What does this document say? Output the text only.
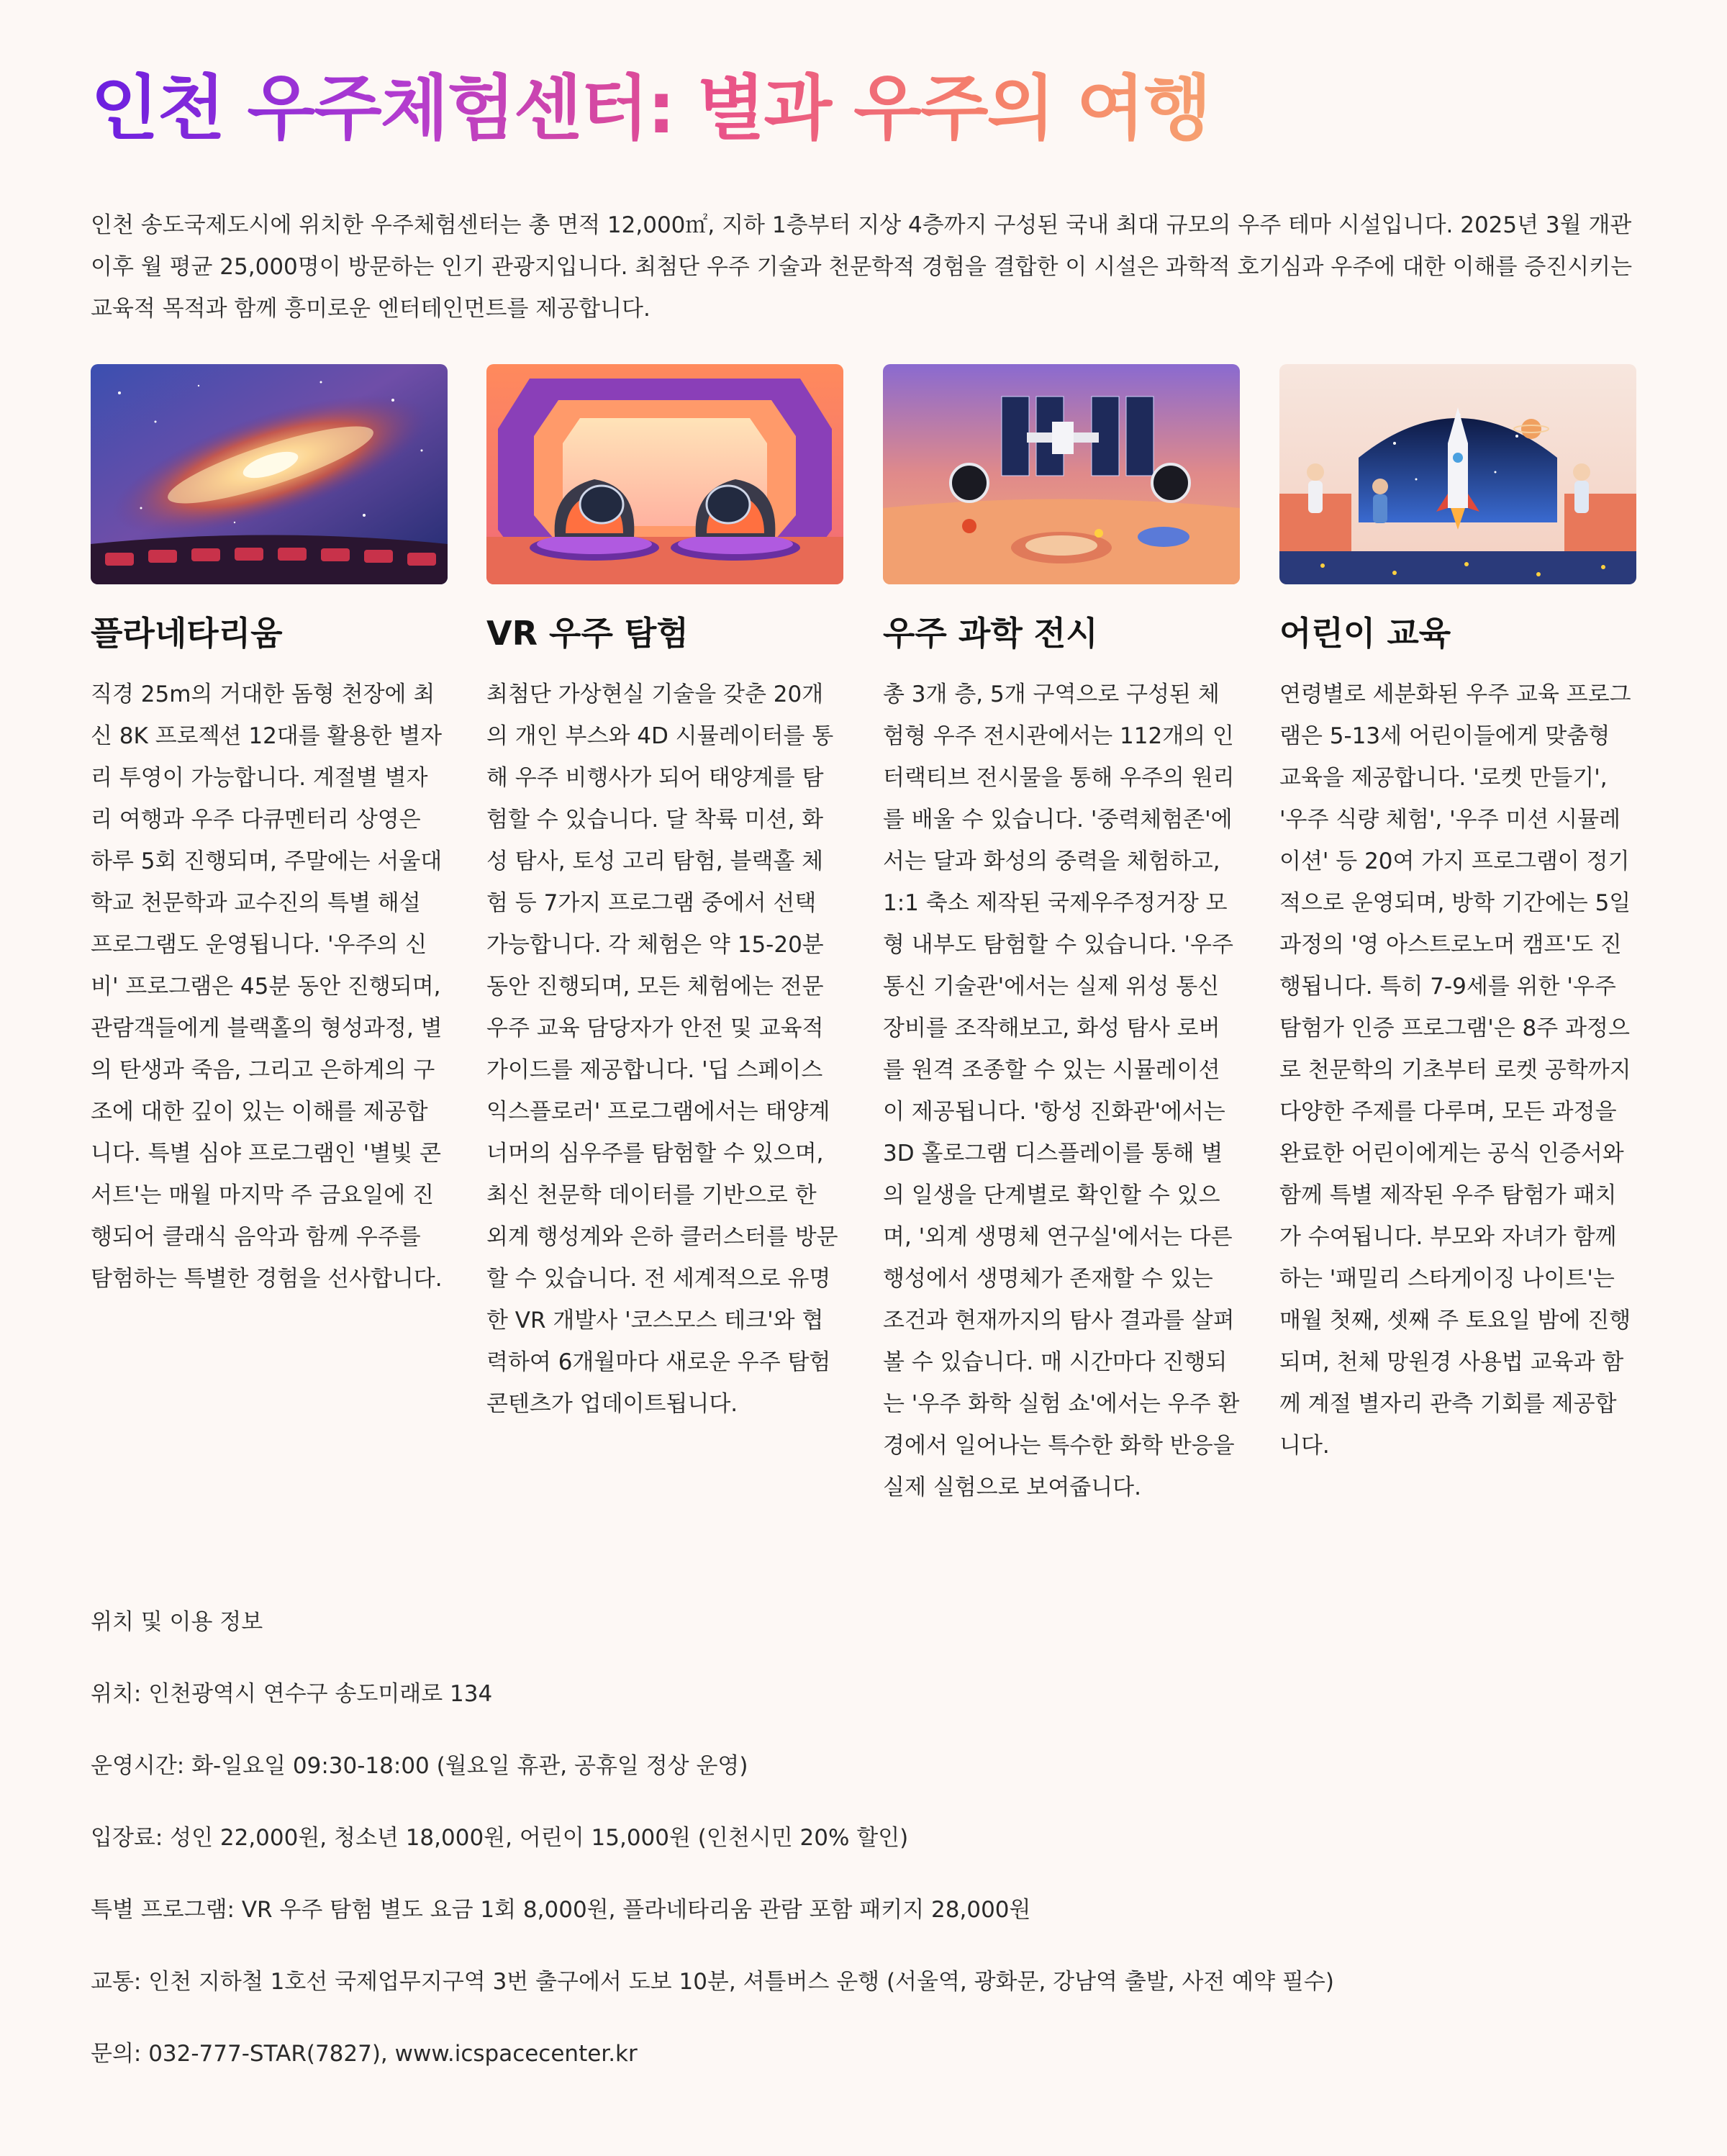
인천 우주체험센터: 별과 우주의 여행

인천 송도국제도시에 위치한 우주체험센터는 총 면적 12,000㎡, 지하 1층부터 지상 4층까지 구성된 국내 최대 규모의 우주 테마 시설입니다. 2025년 3월 개관 이후 월 평균 25,000명이 방문하는 인기 관광지입니다. 최첨단 우주 기술과 천문학적 경험을 결합한 이 시설은 과학적 호기심과 우주에 대한 이해를 증진시키는 교육적 목적과 함께 흥미로운 엔터테인먼트를 제공합니다.

플라네타리움

직경 25m의 거대한 돔형 천장에 최신 8K 프로젝션 12대를 활용한 별자리 투영이 가능합니다. 계절별 별자리 여행과 우주 다큐멘터리 상영은 하루 5회 진행되며, 주말에는 서울대학교 천문학과 교수진의 특별 해설 프로그램도 운영됩니다. '우주의 신비' 프로그램은 45분 동안 진행되며, 관람객들에게 블랙홀의 형성과정, 별의 탄생과 죽음, 그리고 은하계의 구조에 대한 깊이 있는 이해를 제공합니다. 특별 심야 프로그램인 '별빛 콘서트'는 매월 마지막 주 금요일에 진행되어 클래식 음악과 함께 우주를 탐험하는 특별한 경험을 선사합니다.

VR 우주 탐험

최첨단 가상현실 기술을 갖춘 20개의 개인 부스와 4D 시뮬레이터를 통해 우주 비행사가 되어 태양계를 탐험할 수 있습니다. 달 착륙 미션, 화성 탐사, 토성 고리 탐험, 블랙홀 체험 등 7가지 프로그램 중에서 선택 가능합니다. 각 체험은 약 15-20분 동안 진행되며, 모든 체험에는 전문 우주 교육 담당자가 안전 및 교육적 가이드를 제공합니다. '딥 스페이스 익스플로러' 프로그램에서는 태양계 너머의 심우주를 탐험할 수 있으며, 최신 천문학 데이터를 기반으로 한 외계 행성계와 은하 클러스터를 방문할 수 있습니다. 전 세계적으로 유명한 VR 개발사 '코스모스 테크'와 협력하여 6개월마다 새로운 우주 탐험 콘텐츠가 업데이트됩니다.

우주 과학 전시

총 3개 층, 5개 구역으로 구성된 체험형 우주 전시관에서는 112개의 인터랙티브 전시물을 통해 우주의 원리를 배울 수 있습니다. '중력체험존'에서는 달과 화성의 중력을 체험하고, 1:1 축소 제작된 국제우주정거장 모형 내부도 탐험할 수 있습니다. '우주 통신 기술관'에서는 실제 위성 통신 장비를 조작해보고, 화성 탐사 로버를 원격 조종할 수 있는 시뮬레이션이 제공됩니다. '항성 진화관'에서는 3D 홀로그램 디스플레이를 통해 별의 일생을 단계별로 확인할 수 있으며, '외계 생명체 연구실'에서는 다른 행성에서 생명체가 존재할 수 있는 조건과 현재까지의 탐사 결과를 살펴볼 수 있습니다. 매 시간마다 진행되는 '우주 화학 실험 쇼'에서는 우주 환경에서 일어나는 특수한 화학 반응을 실제 실험으로 보여줍니다.

어린이 교육

연령별로 세분화된 우주 교육 프로그램은 5-13세 어린이들에게 맞춤형 교육을 제공합니다. '로켓 만들기', '우주 식량 체험', '우주 미션 시뮬레이션' 등 20여 가지 프로그램이 정기적으로 운영되며, 방학 기간에는 5일 과정의 '영 아스트로노머 캠프'도 진행됩니다. 특히 7-9세를 위한 '우주 탐험가 인증 프로그램'은 8주 과정으로 천문학의 기초부터 로켓 공학까지 다양한 주제를 다루며, 모든 과정을 완료한 어린이에게는 공식 인증서와 함께 특별 제작된 우주 탐험가 패치가 수여됩니다. 부모와 자녀가 함께하는 '패밀리 스타게이징 나이트'는 매월 첫째, 셋째 주 토요일 밤에 진행되며, 천체 망원경 사용법 교육과 함께 계절 별자리 관측 기회를 제공합니다.

위치 및 이용 정보
위치: 인천광역시 연수구 송도미래로 134
운영시간: 화-일요일 09:30-18:00 (월요일 휴관, 공휴일 정상 운영)
입장료: 성인 22,000원, 청소년 18,000원, 어린이 15,000원 (인천시민 20% 할인)
특별 프로그램: VR 우주 탐험 별도 요금 1회 8,000원, 플라네타리움 관람 포함 패키지 28,000원
교통: 인천 지하철 1호선 국제업무지구역 3번 출구에서 도보 10분, 셔틀버스 운행 (서울역, 광화문, 강남역 출발, 사전 예약 필수)
문의: 032-777-STAR(7827), www.icspacecenter.kr
